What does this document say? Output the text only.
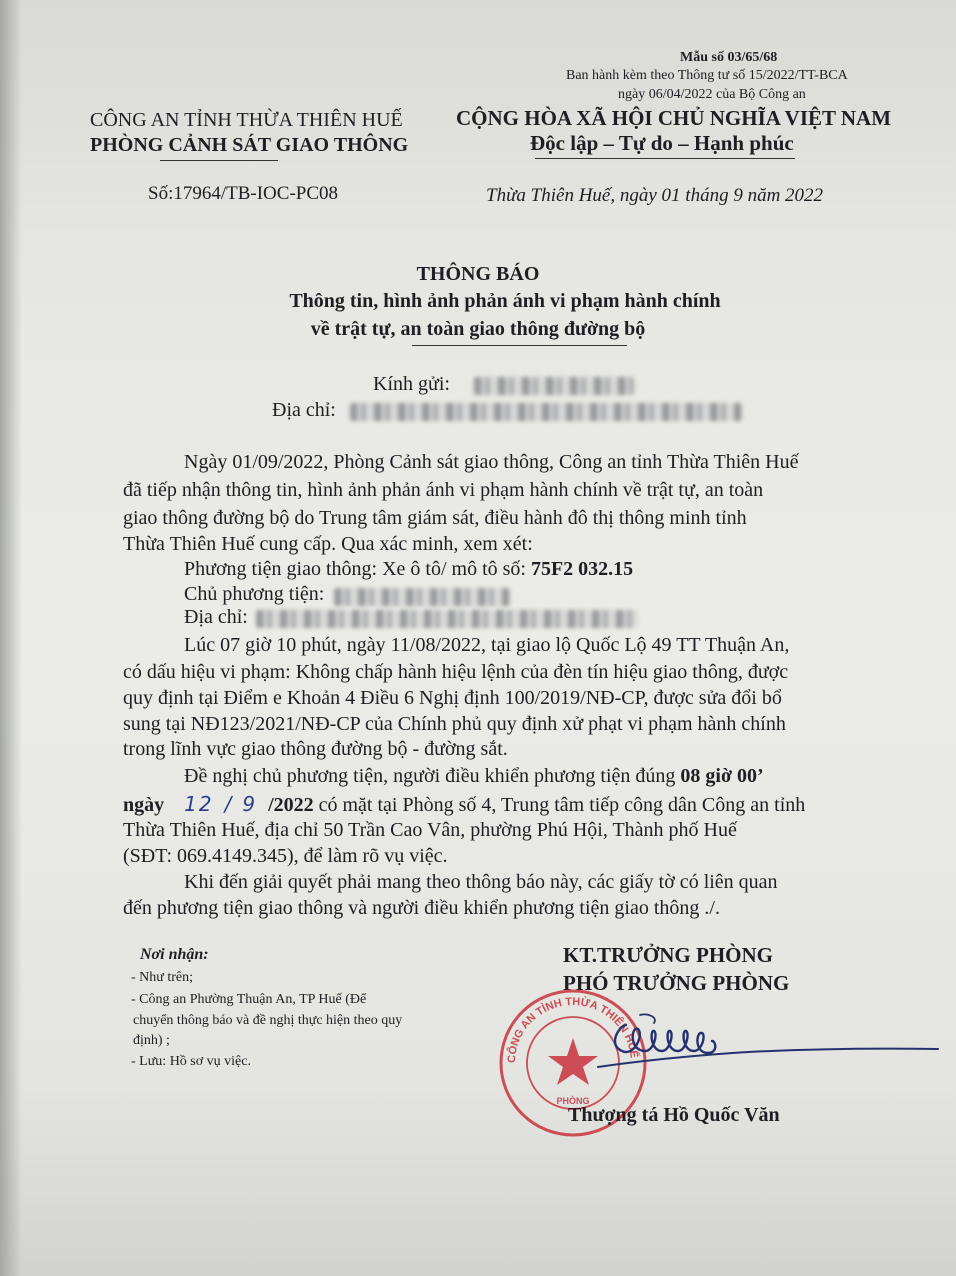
Mẫu số 03/65/68
Ban hành kèm theo Thông tư số 15/2022/TT-BCA
ngày 06/04/2022 của Bộ Công an
CÔNG AN TỈNH THỪA THIÊN HUẾ
PHÒNG CẢNH SÁT GIAO THÔNG
CỘNG HÒA XÃ HỘI CHỦ NGHĨA VIỆT NAM
Độc lập – Tự do – Hạnh phúc
Số:17964/TB-IOC-PC08	Thừa Thiên Huế, ngày 01 tháng 9 năm 2022
THÔNG BÁO
Thông tin, hình ảnh phản ánh vi phạm hành chính
về trật tự, an toàn giao thông đường bộ
Kính gửi:
Địa chỉ:
Ngày 01/09/2022, Phòng Cảnh sát giao thông, Công an tỉnh Thừa Thiên Huế
đã tiếp nhận thông tin, hình ảnh phản ánh vi phạm hành chính về trật tự, an toàn
giao thông đường bộ do Trung tâm giám sát, điều hành đô thị thông minh tỉnh
Thừa Thiên Huế cung cấp. Qua xác minh, xem xét:
Phương tiện giao thông: Xe ô tô/ mô tô số: 75F2 032.15
Chủ phương tiện:
Địa chỉ:
Lúc 07 giờ 10 phút, ngày 11/08/2022, tại giao lộ Quốc Lộ 49 TT Thuận An,
có dấu hiệu vi phạm: Không chấp hành hiệu lệnh của đèn tín hiệu giao thông, được
quy định tại Điểm e Khoản 4 Điều 6 Nghị định 100/2019/NĐ-CP, được sửa đổi bổ
sung tại NĐ123/2021/NĐ-CP của Chính phủ quy định xử phạt vi phạm hành chính
trong lĩnh vực giao thông đường bộ - đường sắt.
Đề nghị chủ phương tiện, người điều khiển phương tiện đúng 08 giờ 00’
ngày 12 / 9 /2022 có mặt tại Phòng số 4, Trung tâm tiếp công dân Công an tỉnh
Thừa Thiên Huế, địa chỉ 50 Trần Cao Vân, phường Phú Hội, Thành phố Huế
(SĐT: 069.4149.345), để làm rõ vụ việc.
Khi đến giải quyết phải mang theo thông báo này, các giấy tờ có liên quan
đến phương tiện giao thông và người điều khiển phương tiện giao thông ./.
Nơi nhận:
- Như trên;
- Công an Phường Thuận An, TP Huế (Để
chuyển thông báo và đề nghị thực hiện theo quy
định) ;
- Lưu: Hồ sơ vụ việc.
KT.TRƯỞNG PHÒNG
PHÓ TRƯỞNG PHÒNG
CÔNG AN TỈNH THỪA THIÊN HUẾ
PHÒNG
Thượng tá Hồ Quốc Văn
